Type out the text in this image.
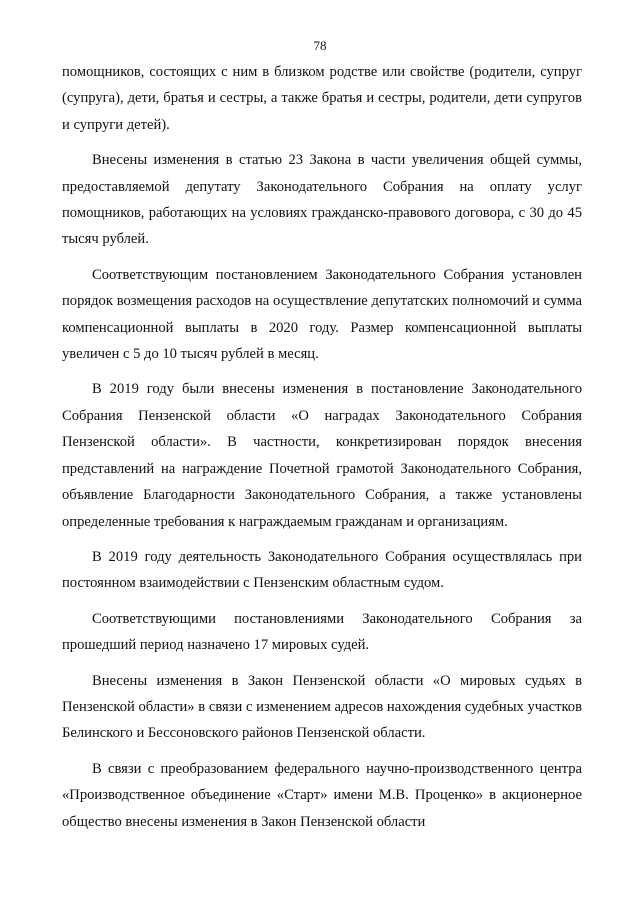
78

помощников, состоящих с ним в близком родстве или свойстве (родители, супруг (супруга), дети, братья и сестры, а также братья и сестры, родители, дети супругов и супруги детей).

Внесены изменения в статью 23 Закона в части увеличения общей суммы, предоставляемой депутату Законодательного Собрания на оплату услуг помощников, работающих на условиях гражданско-правового договора, с 30 до 45 тысяч рублей.

Соответствующим постановлением Законодательного Собрания установлен порядок возмещения расходов на осуществление депутатских полномочий и сумма компенсационной выплаты в 2020 году. Размер компенсационной выплаты увеличен с 5 до 10 тысяч рублей в месяц.

В 2019 году были внесены изменения в постановление Законодательного Собрания Пензенской области «О наградах Законодательного Собрания Пензенской области». В частности, конкретизирован порядок внесения представлений на награждение Почетной грамотой Законодательного Собрания, объявление Благодарности Законодательного Собрания, а также установлены определенные требования к награждаемым гражданам и организациям.

В 2019 году деятельность Законодательного Собрания осуществлялась при постоянном взаимодействии с Пензенским областным судом.

Соответствующими постановлениями Законодательного Собрания за прошедший период назначено 17 мировых судей.

Внесены изменения в Закон Пензенской области «О мировых судьях в Пензенской области» в связи с изменением адресов нахождения судебных участков Белинского и Бессоновского районов Пензенской области.

В связи с преобразованием федерального научно-производственного центра «Производственное объединение «Старт» имени М.В. Проценко» в акционерное общество внесены изменения в Закон Пензенской области
